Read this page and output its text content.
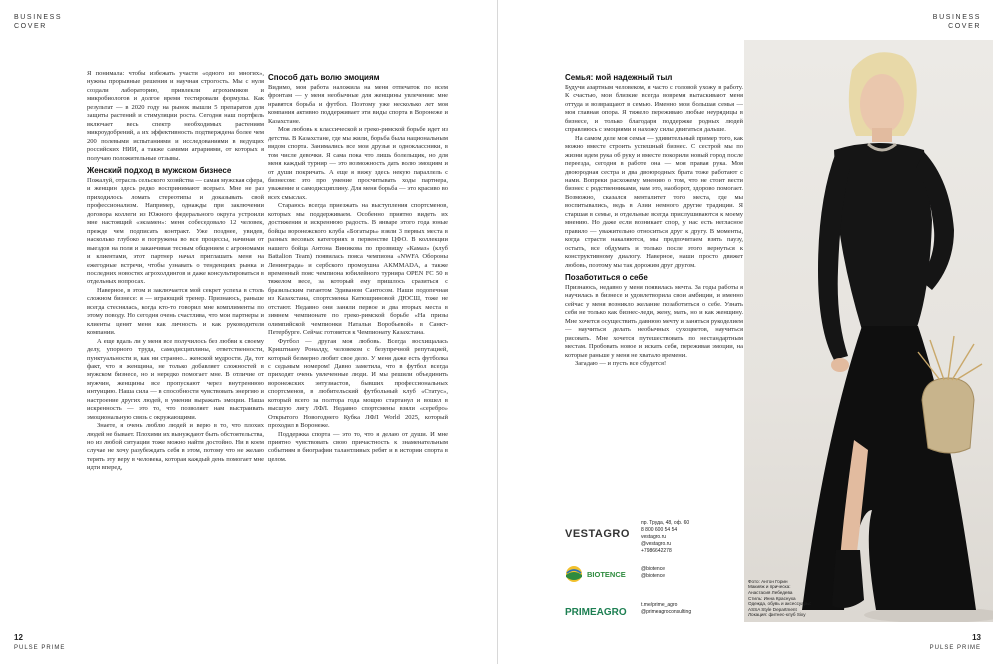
BUSINESS
COVER

Я понимала: чтобы избежать участи «одного из многих», нужны прорывные решения и научная строгость. Мы с нуля создали лабораторию, привлекли агрохимиков и микробиологов и долгое время тестировали формулы. Как результат — в 2020 году на рынок вышли 5 препаратов для защиты растений и стимуляции роста. Сегодня наш портфель включает весь спектр необходимых растениям микроудобрений, а их эффективность подтверждена более чем 200 полевыми испытаниями и исследованиями в ведущих российских НИИ, а также самими аграриями, от которых я получаю положительные отзывы.

Женский подход в мужском бизнесе

Пожалуй, отрасль сельского хозяйства — самая мужская сфера, и женщин здесь редко воспринимают всерьез. Мне не раз приходилось ломать стереотипы и доказывать свой профессионализм. Например, однажды при заключении договора коллеги из Южного федерального округа устроили мне настоящий «экзамен»: меня собеседовало 12 человек, прежде чем подписать контракт. Уже позднее, увидев, насколько глубоко я погружена во все процессы, начиная от выездов на поля и заканчивая тесным общением с агрономами и клиентами, этот партнер начал приглашать меня на ежегодные встречи, чтобы узнавать о тенденциях рынка и последних новостях агрохолдингов и даже консультироваться в отдельных вопросах.

Наверное, в этом и заключается мой секрет успеха в столь сложном бизнесе: я — играющий тренер. Признаюсь, раньше всегда стеснялась, когда кто-то говорил мне комплименты по этому поводу. Но сегодня очень счастлива, что мои партнеры и клиенты ценят меня как личность и как руководителя компании.

А еще вдаль ли у меня все получилось без любви к своему делу, упорного труда, самодисциплины, ответственности, пунктуальности и, как ни странно... женской мудрости. Да, тот факт, что я женщина, не только добавляет сложностей в мужском бизнесе, но и нередко помогает мне. В отличие от мужчин, женщины все пропускают через внутреннюю интуицию. Наша сила — в способности чувствовать энергию и настроение других людей, в умении выражать эмоции. Наша искренность — это то, что позволяет нам выстраивать эмоциональную связь с окружающими.

Знаете, я очень люблю людей и верю в то, что плохих людей не бывает. Плохими их вынуждают быть обстоятельства, но из любой ситуации тоже можно найти достойно. Ни в коем случае не хочу разубеждать себя в этом, потому что не желаю терять эту веру в человека, которая каждый день помогает мне идти вперед,

Способ дать волю эмоциям

Видимо, моя работа наложила на меня отпечаток по всем фронтам — у меня необычные для женщины увлечения: мне нравятся борьба и футбол. Поэтому уже несколько лет моя компания активно поддерживает эти виды спорта в Воронеже и Казахстане.

Моя любовь к классической и греко-римской борьбе идет из детства. В Казахстане, где мы жили, борьба была национальным видом спорта. Занимались все мои друзья и одноклассники, в том числе девочки. Я сама пока что лишь болельщик, но для меня каждый турнир — это возможность дать волю эмоциям и от души покричать. А еще я вижу здесь некую параллель с бизнесом: это про умение просчитывать ходы партнера, уважение и самодисциплину. Для меня борьба — это красиво во всех смыслах.

Стараюсь всегда приезжать на выступления спортсменов, которых мы поддерживаем. Особенно приятно видеть их достижения и искреннюю радость. В январе этого года юные бойцы воронежского клуба «Богатырь» взяли 3 первых места в разных весовых категориях в первенстве ЦФО. В коллекции нашего бойца Антона Виниковa по прозвищу «Камаз» (клуб Battalion Team) появилась пояса чемпиона «NWFA Обороны Ленинграда» и сербского промоушна AKMMADA, а также временный пояс чемпиона юбилейного турнира OPEN FC 50 в тяжелом весе, за который ему пришлось сразиться с бразильским гигантом Эдиваном Сантосом. Наши подопечная из Казахстана, спортсменка Катюшриновой ДЮСШ, тоже не отстают. Недавно они заняли первое и два вторых места в зимнем чемпионате по греко-римской борьбе «На призы олимпийской чемпионки Натальи Воробьевой» в Санкт-Петербурге. Сейчас готовятся к Чемпионату Казахстана.

Футбол — другая моя любовь. Всегда восхищалась Криштиану Роналду, человеком с безупречной репутацией, который безмерно любит свое дело. У меня даже есть футболка с седьмым номером! Давно заметила, что в футбол всегда приходят очень увлеченные люди. И мы решили объединить воронежских энтузиастов, бывших профессиональных спортсменов, в любительский футбольный клуб «Статус», который всего за полтора года мощно стартанул и вошел в высшую лигу ЛФЛ. Недавно спортсмены взяли «серебро» Открытого Новогоднего Кубка ЛФЛ World 2025, который проходил в Воронеже.

Поддержка спорта — это то, что я делаю от души. И мне приятно чувствовать свою причастность к знаменательным событиям в биографии талантливых ребят и в истории спорта в целом.

12
PULSE PRIME
BUSINESS
COVER
13
PULSE PRIME
Семья: мой надежный тыл

Будучи азартным человеком, я часто с головой ухожу в работу. К счастью, мои близкие всегда вовремя вытаскивают меня оттуда и возвращают в семью. Именно мои большая семья — моя главная опора. Я тяжело переживаю любые неурядицы в бизнесе, и только благодаря поддержке родных людей справляюсь с эмоциями и нахожу силы двигаться дальше.

На самом деле моя семья — удивительный пример того, как можно вместе строить успешный бизнес. С сестрой мы по жизни идем рука об руку и вместе покорили новый город после переезда, сегодня в работе она — моя правая рука. Моя двоюродная сестра и два двоюродных брата тоже работают с нами. Вопреки расхожему мнению о том, что не стоит вести бизнес с родственниками, нам это, наоборот, здорово помогает. Возможно, сказался менталитет того места, где мы воспитывались, ведь в Азии немного другие традиции. Я старшая в семье, и отдельные всегда прислушиваются к моему мнению. Но даже если возникает спор, у нас есть негласное правило — уважительно относиться друг к другу. В моменты, когда страсти накаляются, мы предпочитаем взять паузу, остыть, все обдумать и только после этого вернуться к конструктивному диалогу. Наверное, наши просто движет любовь, поэтому мы так дорожим друг другом.

Позаботиться о себе

Признаюсь, недавно у меня появилась мечта. За годы работы я научилась в бизнесе и удовлетворила свои амбиции, и именно сейчас у меня возникло желание позаботиться о себе. Узнать себя не только как бизнес-леди, жену, мать, но и как женщину. Мне хочется осуществить давнюю мечту и заняться рукоделием — научиться делать необычных сухоцветов, научиться рисовать. Мне хочется путешествовать по нестандартным местам. Пробовать новое и искать себя, переживая эмоции, на которые раньше у меня не хватало времени.

Загадаю — и пусть все сбудется!

VESTAGRO
пр. Труда, 48, оф. 60
8 800 600 54 54
vestagro.ru
@vestagro.ru
+7986642278
BIOTENCE
@biotence
@biotence
PRIMEAGRO
t.me/prime_agro
@primeagroconsulting
Фото: Антон Горин
Макияж и прическа:
Анастасия Лебедева
Стиль: Инна Краснуха
Одежда, обувь и аксессуары:
ASSA Style Department
Локация: фитнес-клуб Sixy
